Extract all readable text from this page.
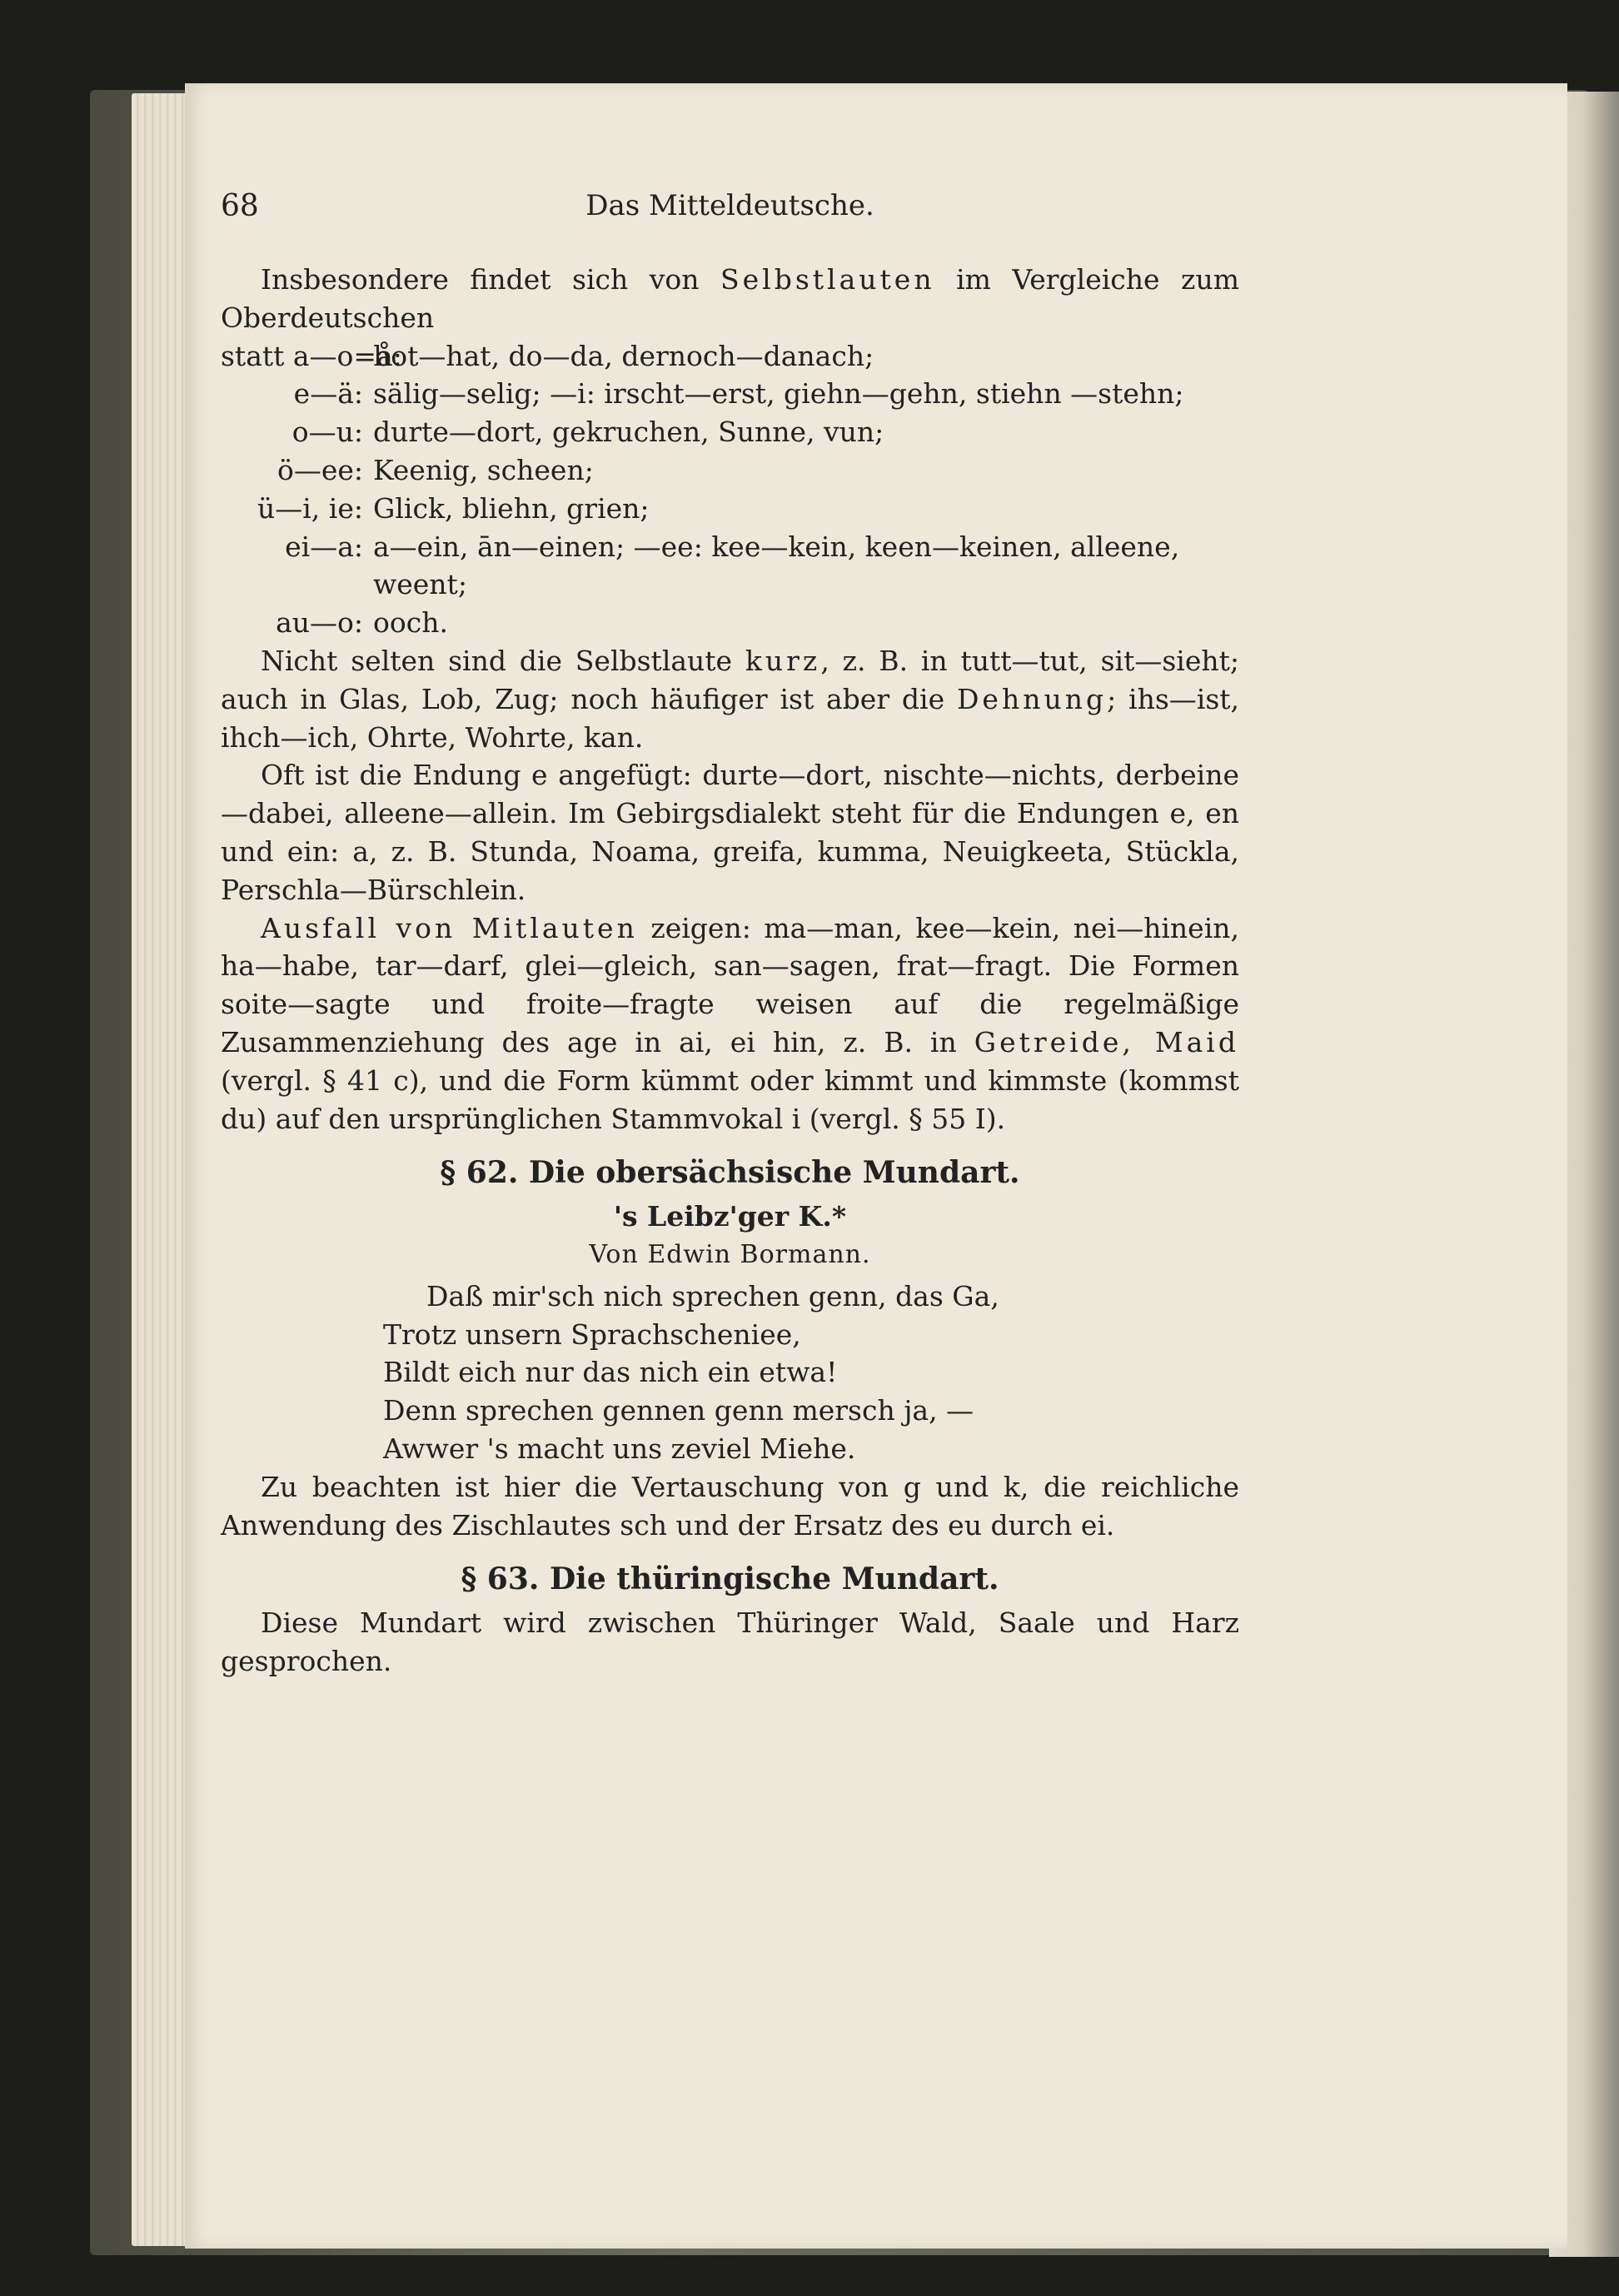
68	Das Mitteldeutsche.

Insbesondere findet sich von Selbstlauten im Vergleiche zum Oberdeutschen

statt a—o=å:
hot—hat, do—da, dernoch—danach;
e—ä: sälig—selig; —i: irscht—erst, giehn—gehn, stiehn —stehn;
o—u: durte—dort, gekruchen, Sunne, vun;
ö—ee: Keenig, scheen;
ü—i, ie: Glick, bliehn, grien;
ei—a: a—ein, ān—einen; —ee: kee—kein, keen—keinen, alleene, weent;
au—o: ooch.

Nicht selten sind die Selbstlaute kurz, z. B. in tutt—tut, sit—sieht; auch in Glas, Lob, Zug; noch häufiger ist aber die Dehnung; ihs—ist, ihch—ich, Ohrte, Wohrte, kan.

Oft ist die Endung e angefügt: durte—dort, nischte—nichts, derbeine—dabei, alleene—allein. Im Gebirgsdialekt steht für die Endungen e, en und ein: a, z. B. Stunda, Noama, greifa, kumma, Neuigkeeta, Stückla, Perschla—Bürschlein.

Ausfall von Mitlauten zeigen: ma—man, kee—kein, nei—hinein, ha—habe, tar—darf, glei—gleich, san—sagen, frat—fragt. Die Formen soite—sagte und froite—fragte weisen auf die regelmäßige Zusammenziehung des age in ai, ei hin, z. B. in Getreide, Maid (vergl. § 41 c), und die Form kümmt oder kimmt und kimmste (kommst du) auf den ursprünglichen Stammvokal i (vergl. § 55 I).

§ 62. Die obersächsische Mundart.
's Leibz'ger K.*
Von Edwin Bormann.
Daß mir'sch nich sprechen genn, das Ga,
Trotz unsern Sprachscheniee,
Bildt eich nur das nich ein etwa!
Denn sprechen gennen genn mersch ja, —
Awwer 's macht uns zeviel Miehe.

Zu beachten ist hier die Vertauschung von g und k, die reichliche Anwendung des Zischlautes sch und der Ersatz des eu durch ei.

§ 63. Die thüringische Mundart.

Diese Mundart wird zwischen Thüringer Wald, Saale und Harz gesprochen.
